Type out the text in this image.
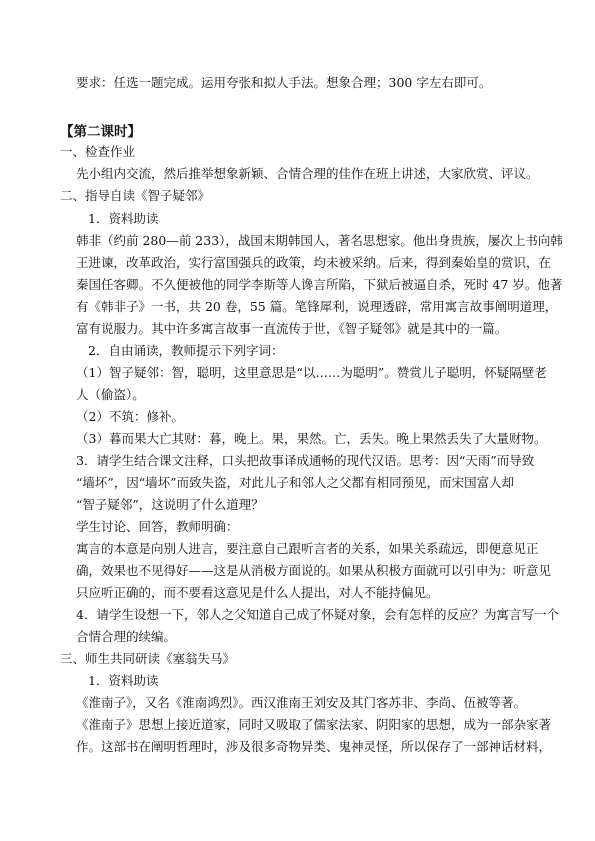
要求：任选一题完成。运用夸张和拟人手法。想象合理；300 字左右即可。
【第二课时】
一、检查作业
先小组内交流，然后推举想象新颖、合情合理的佳作在班上讲述，大家欣赏、评议。
二、指导自读《智子疑邻》
1．资料助读
韩非（约前 280—前 233），战国末期韩国人，著名思想家。他出身贵族，屡次上书向韩
王进谏，改革政治，实行富国强兵的政策，均未被采纳。后来，得到秦始皇的赏识，在
秦国任客卿。不久便被他的同学李斯等人谗言所陷，下狱后被逼自杀，死时 47 岁。他著
有《韩非子》一书，共 20 卷，55 篇。笔锋犀利，说理透辟，常用寓言故事阐明道理，
富有说服力。其中许多寓言故事一直流传于世，《智子疑邻》就是其中的一篇。
2．自由诵读，教师提示下列字词：
（1）智子疑邻：智，聪明，这里意思是“以……为聪明”。赞赏儿子聪明，怀疑隔壁老
人（偷盗）。
（2）不筑：修补。
（3）暮而果大亡其财：暮，晚上。果，果然。亡，丢失。晚上果然丢失了大量财物。
3．请学生结合课文注释，口头把故事译成通畅的现代汉语。思考：因“天雨”而导致
“墙坏”，因“墙坏”而致失盗，对此儿子和邻人之父都有相同预见，而宋国富人却
“智子疑邻”，这说明了什么道理？
学生讨论、回答，教师明确：
寓言的本意是向别人进言，要注意自己跟听言者的关系，如果关系疏远，即便意见正
确，效果也不见得好——这是从消极方面说的。如果从积极方面就可以引申为：听意见
只应听正确的，而不要看这意见是什么人提出，对人不能持偏见。
4．请学生设想一下，邻人之父知道自己成了怀疑对象，会有怎样的反应？为寓言写一个
合情合理的续编。
三、师生共同研读《塞翁失马》
1．资料助读
《淮南子》，又名《淮南鸿烈》。西汉淮南王刘安及其门客苏非、李尚、伍被等著。
《淮南子》思想上接近道家，同时又吸取了儒家法家、阴阳家的思想，成为一部杂家著
作。这部书在阐明哲理时，涉及很多奇物异类、鬼神灵怪，所以保存了一部神话材料，
